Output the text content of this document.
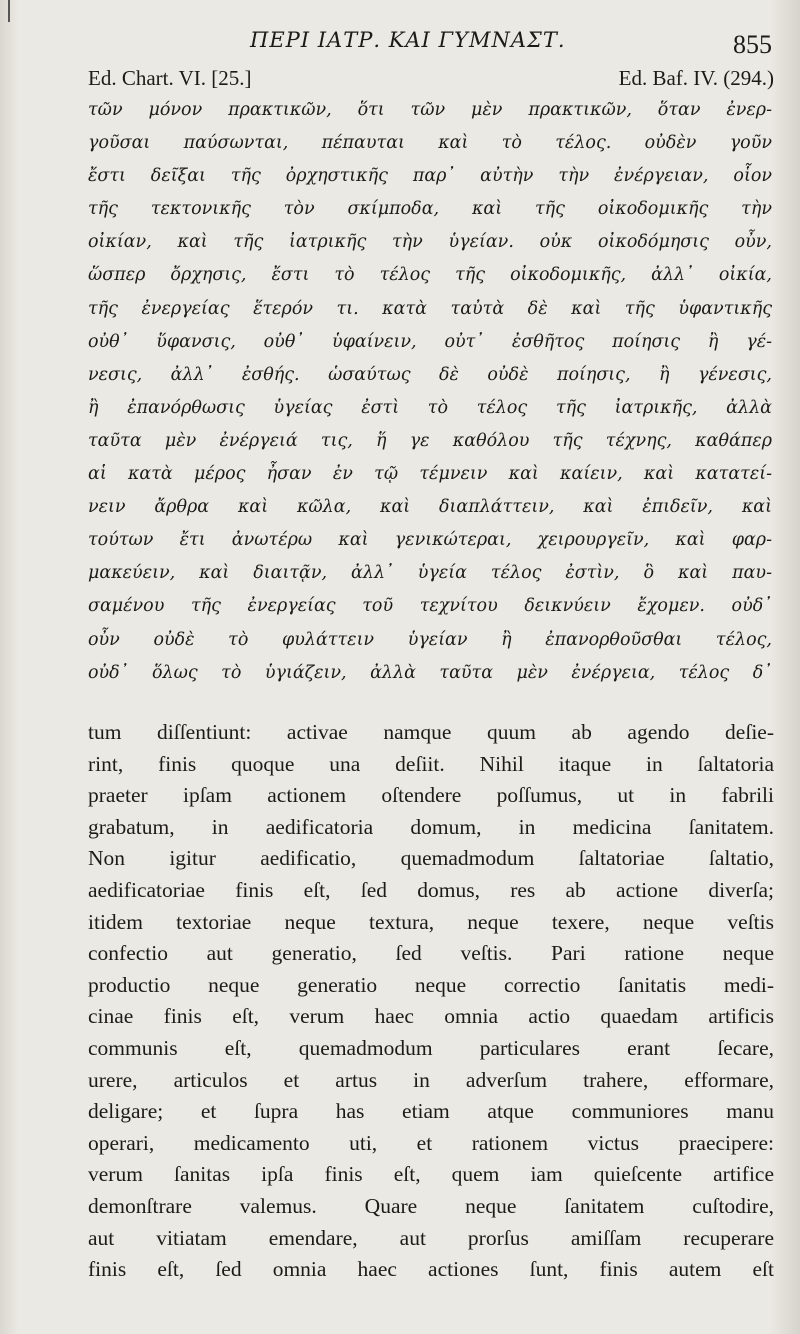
ΠΕΡΙ ΙΑΤΡ. ΚΑΙ ΓΥΜΝΑΣΤ.	855
Ed. Chart. VI. [25.]	Ed. Baf. IV. (294.)
τῶν μόνον πρακτικῶν, ὅτι τῶν μὲν πρακτικῶν, ὅταν ἐνερ-
γοῦσαι παύσωνται, πέπαυται καὶ τὸ τέλος. οὐδὲν γοῦν
ἔστι δεῖξαι τῆς ὀρχηστικῆς παρ᾽ αὐτὴν τὴν ἐνέργειαν, οἷον
τῆς τεκτονικῆς τὸν σκίμποδα, καὶ τῆς οἰκοδομικῆς τὴν
οἰκίαν, καὶ τῆς ἰατρικῆς τὴν ὑγείαν. οὐκ οἰκοδόμησις οὖν,
ὥσπερ ὄρχησις, ἔστι τὸ τέλος τῆς οἰκοδομικῆς, ἀλλ᾽ οἰκία,
τῆς ἐνεργείας ἕτερόν τι. κατὰ ταὐτὰ δὲ καὶ τῆς ὑφαντικῆς
οὐθ᾽ ὕφανσις, οὐθ᾽ ὑφαίνειν, οὐτ᾽ ἐσθῆτος ποίησις ἢ γέ-
νεσις, ἀλλ᾽ ἐσθής. ὡσαύτως δὲ οὐδὲ ποίησις, ἢ γένεσις,
ἢ ἐπανόρθωσις ὑγείας ἐστὶ τὸ τέλος τῆς ἰατρικῆς, ἀλλὰ
ταῦτα μὲν ἐνέργειά τις, ἥ γε καθόλου τῆς τέχνης, καθάπερ
αἱ κατὰ μέρος ἦσαν ἐν τῷ τέμνειν καὶ καίειν, καὶ κατατεί-
νειν ἄρθρα καὶ κῶλα, καὶ διαπλάττειν, καὶ ἐπιδεῖν, καὶ
τούτων ἔτι ἀνωτέρω καὶ γενικώτεραι, χειρουργεῖν, καὶ φαρ-
μακεύειν, καὶ διαιτᾷν, ἀλλ᾽ ὑγεία τέλος ἐστὶν, ὃ καὶ παυ-
σαμένου τῆς ἐνεργείας τοῦ τεχνίτου δεικνύειν ἔχομεν. οὐδ᾽
οὖν οὐδὲ τὸ φυλάττειν ὑγείαν ἢ ἐπανορθοῦσθαι τέλος,
οὐδ᾽ ὅλως τὸ ὑγιάζειν, ἀλλὰ ταῦτα μὲν ἐνέργεια, τέλος δ᾽
tum diſſentiunt: activae namque quum ab agendo deſie-
rint, finis quoque una deſiit. Nihil itaque in ſaltatoria
praeter ipſam actionem oſtendere poſſumus, ut in fabrili
grabatum, in aedificatoria domum, in medicina ſanitatem.
Non igitur aedificatio, quemadmodum ſaltatoriae ſaltatio,
aedificatoriae finis eſt, ſed domus, res ab actione diverſa;
itidem textoriae neque textura, neque texere, neque veſtis
confectio aut generatio, ſed veſtis. Pari ratione neque
productio neque generatio neque correctio ſanitatis medi-
cinae finis eſt, verum haec omnia actio quaedam artificis
communis eſt, quemadmodum particulares erant ſecare,
urere, articulos et artus in adverſum trahere, efformare,
deligare; et ſupra has etiam atque communiores manu
operari, medicamento uti, et rationem victus praecipere:
verum ſanitas ipſa finis eſt, quem iam quieſcente artifice
demonſtrare valemus. Quare neque ſanitatem cuſtodire,
aut vitiatam emendare, aut prorſus amiſſam recuperare
finis eſt, ſed omnia haec actiones ſunt, finis autem eſt
